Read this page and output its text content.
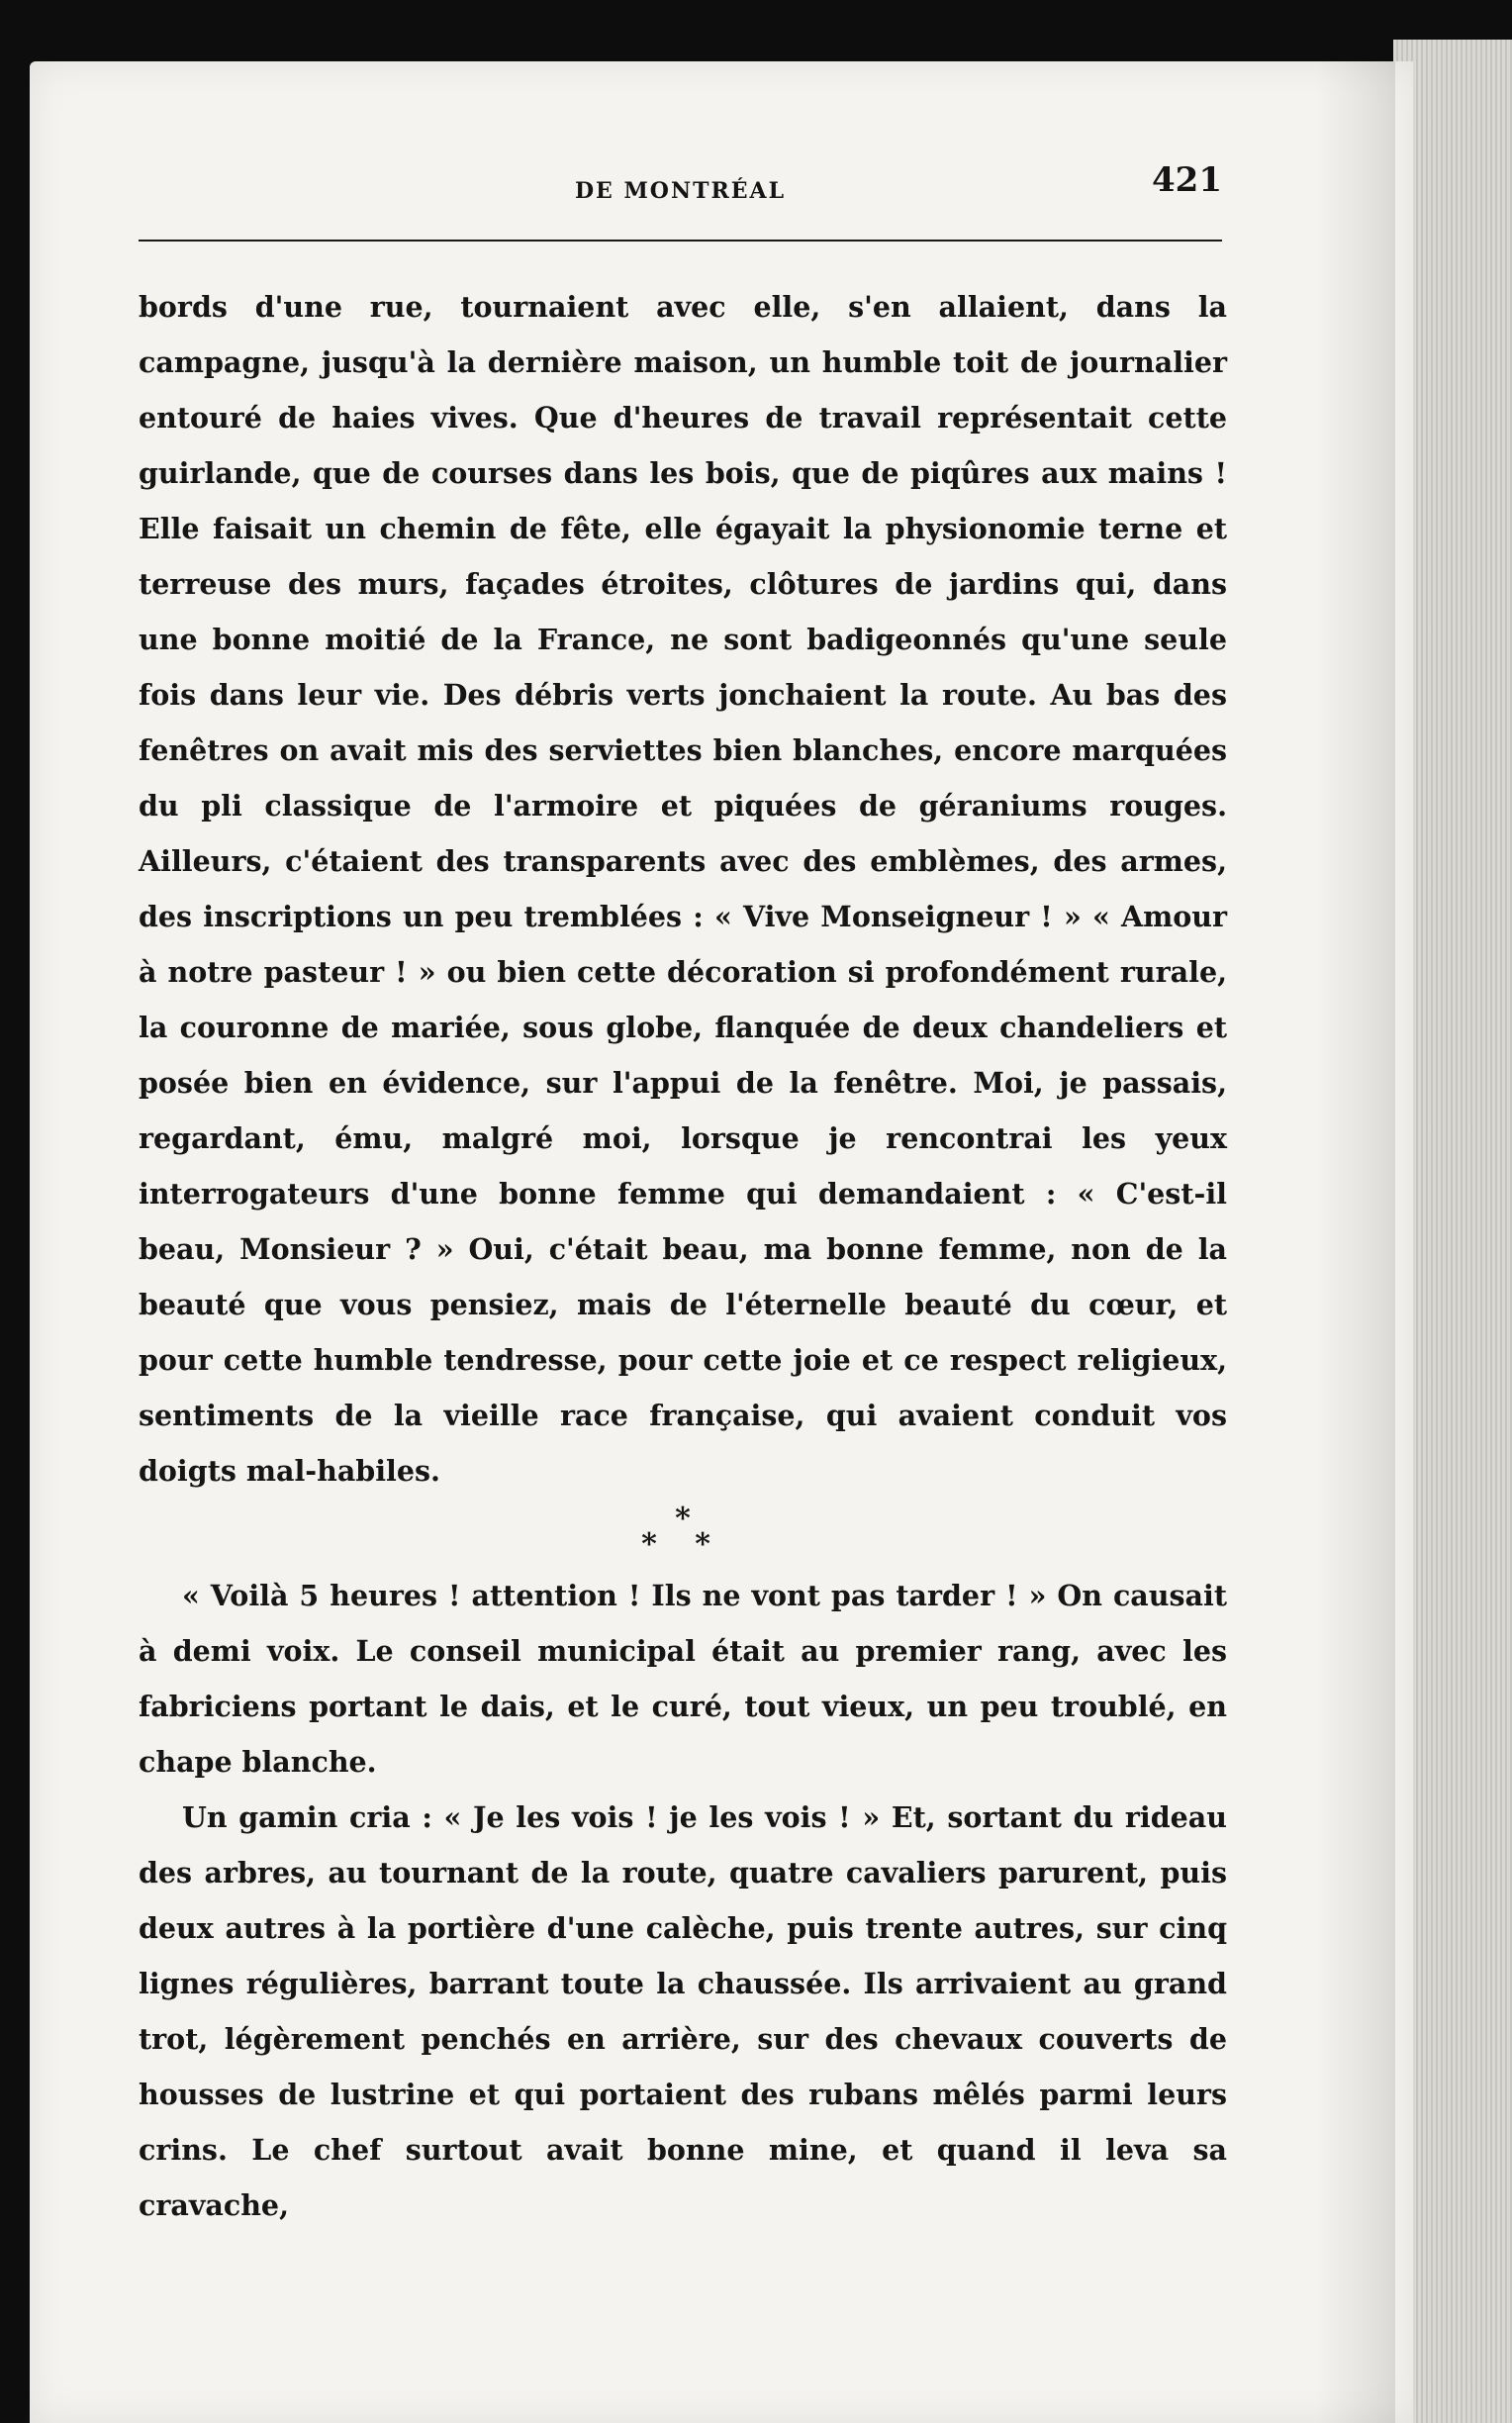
DE MONTRÉAL	421

bords d'une rue, tournaient avec elle, s'en allaient, dans la campagne, jusqu'à la dernière maison, un humble toit de journalier entouré de haies vives. Que d'heures de travail représentait cette guirlande, que de courses dans les bois, que de piqûres aux mains ! Elle faisait un chemin de fête, elle égayait la physionomie terne et terreuse des murs, façades étroites, clôtures de jardins qui, dans une bonne moitié de la France, ne sont badigeonnés qu'une seule fois dans leur vie. Des débris verts jonchaient la route. Au bas des fenêtres on avait mis des serviettes bien blanches, encore marquées du pli classique de l'armoire et piquées de géraniums rouges. Ailleurs, c'étaient des transparents avec des emblèmes, des armes, des inscriptions un peu tremblées : « Vive Monseigneur ! » « Amour à notre pasteur ! » ou bien cette décoration si profondément rurale, la couronne de mariée, sous globe, flanquée de deux chandeliers et posée bien en évidence, sur l'appui de la fenêtre. Moi, je passais, regardant, ému, malgré moi, lorsque je rencontrai les yeux interrogateurs d'une bonne femme qui demandaient : « C'est-il beau, Monsieur ? » Oui, c'était beau, ma bonne femme, non de la beauté que vous pensiez, mais de l'éternelle beauté du cœur, et pour cette humble tendresse, pour cette joie et ce respect religieux, sentiments de la vieille race française, qui avaient conduit vos doigts mal-habiles.

*
* *

« Voilà 5 heures ! attention ! Ils ne vont pas tarder ! » On causait à demi voix. Le conseil municipal était au premier rang, avec les fabriciens portant le dais, et le curé, tout vieux, un peu troublé, en chape blanche.

Un gamin cria : « Je les vois ! je les vois ! » Et, sortant du rideau des arbres, au tournant de la route, quatre cavaliers parurent, puis deux autres à la portière d'une calèche, puis trente autres, sur cinq lignes régulières, barrant toute la chaussée. Ils arrivaient au grand trot, légèrement penchés en arrière, sur des chevaux couverts de housses de lustrine et qui portaient des rubans mêlés parmi leurs crins. Le chef surtout avait bonne mine, et quand il leva sa cravache,
